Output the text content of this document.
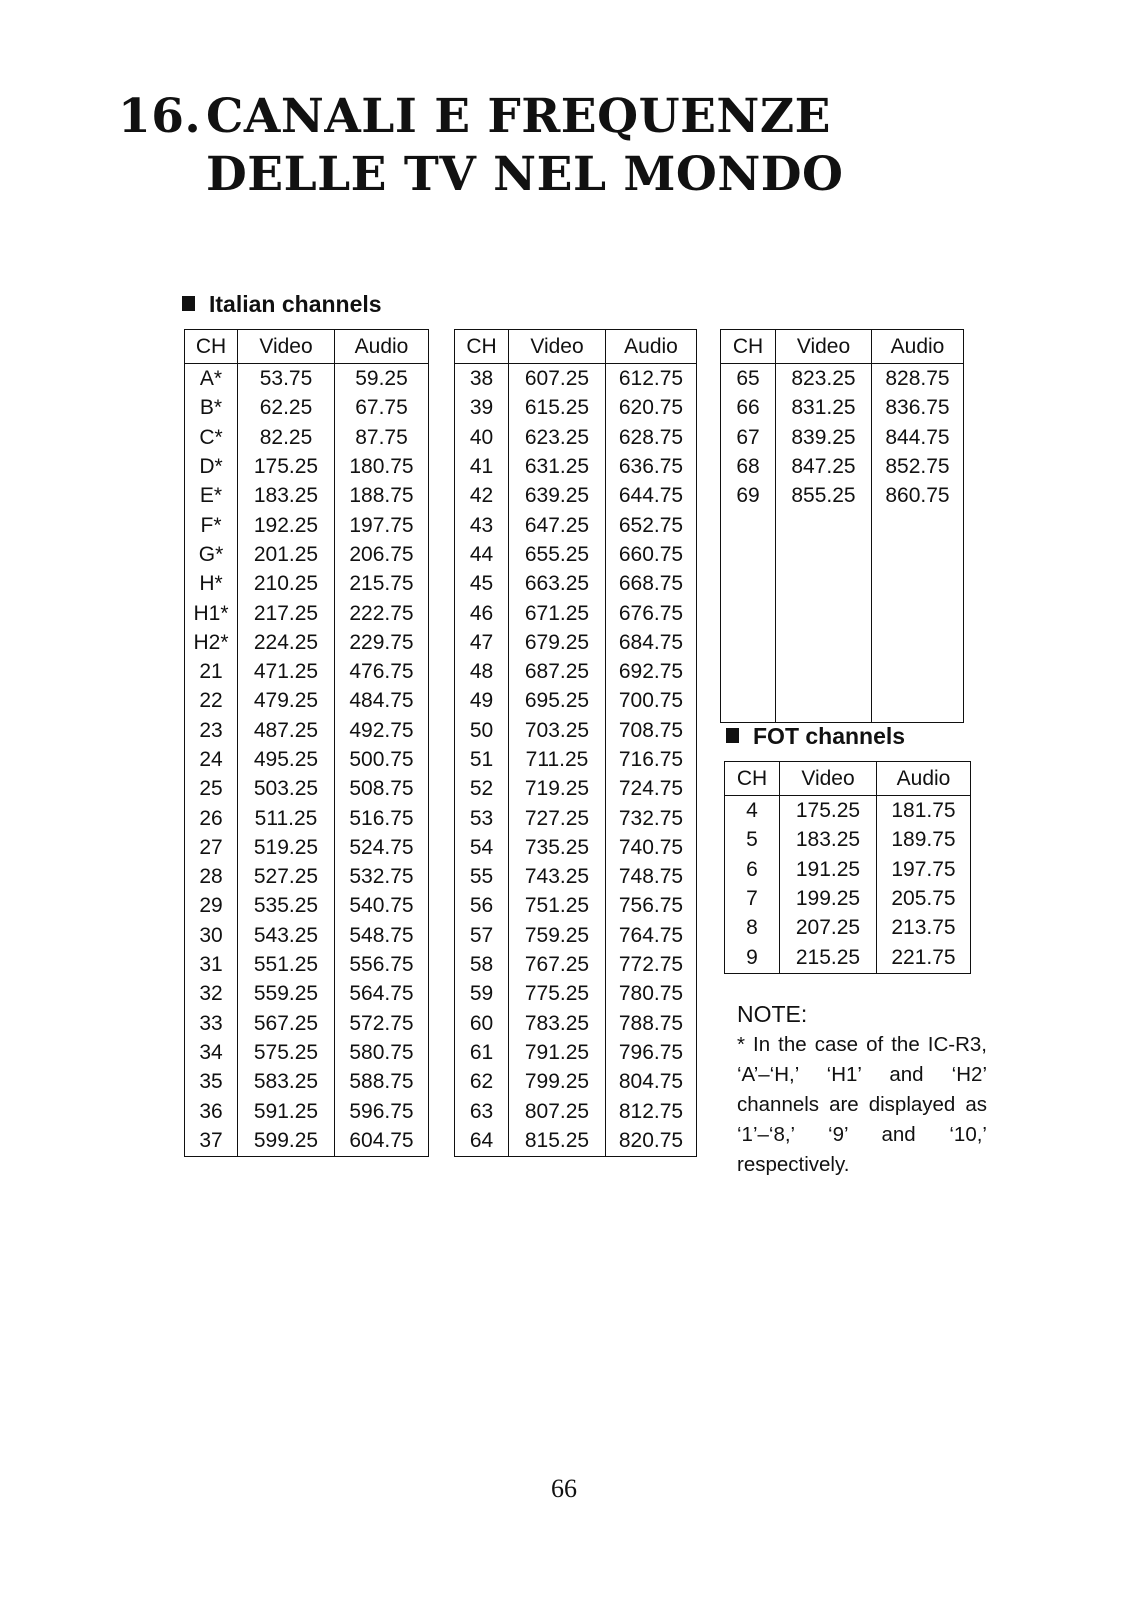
16. CANALI E FREQUENZE
DELLE TV NEL MONDO
Italian channels
CH	Video	Audio
A*	53.75	59.25
B*	62.25	67.75
C*	82.25	87.75
D*	175.25	180.75
E*	183.25	188.75
F*	192.25	197.75
G*	201.25	206.75
H*	210.25	215.75
H1*	217.25	222.75
H2*	224.25	229.75
21	471.25	476.75
22	479.25	484.75
23	487.25	492.75
24	495.25	500.75
25	503.25	508.75
26	511.25	516.75
27	519.25	524.75
28	527.25	532.75
29	535.25	540.75
30	543.25	548.75
31	551.25	556.75
32	559.25	564.75
33	567.25	572.75
34	575.25	580.75
35	583.25	588.75
36	591.25	596.75
37	599.25	604.75

CH	Video	Audio
38	607.25	612.75
39	615.25	620.75
40	623.25	628.75
41	631.25	636.75
42	639.25	644.75
43	647.25	652.75
44	655.25	660.75
45	663.25	668.75
46	671.25	676.75
47	679.25	684.75
48	687.25	692.75
49	695.25	700.75
50	703.25	708.75
51	711.25	716.75
52	719.25	724.75
53	727.25	732.75
54	735.25	740.75
55	743.25	748.75
56	751.25	756.75
57	759.25	764.75
58	767.25	772.75
59	775.25	780.75
60	783.25	788.75
61	791.25	796.75
62	799.25	804.75
63	807.25	812.75
64	815.25	820.75

CH	Video	Audio
65	823.25	828.75
66	831.25	836.75
67	839.25	844.75
68	847.25	852.75
69	855.25	860.75

FOT channels
CH	Video	Audio
4	175.25	181.75
5	183.25	189.75
6	191.25	197.75
7	199.25	205.75
8	207.25	213.75
9	215.25	221.75

NOTE:

* In the case of the IC-R3, ‘A’–‘H,’ ‘H1’ and ‘H2’ channels are displayed as ‘1’–‘8,’ ‘9’ and ‘10,’ respectively.

66
